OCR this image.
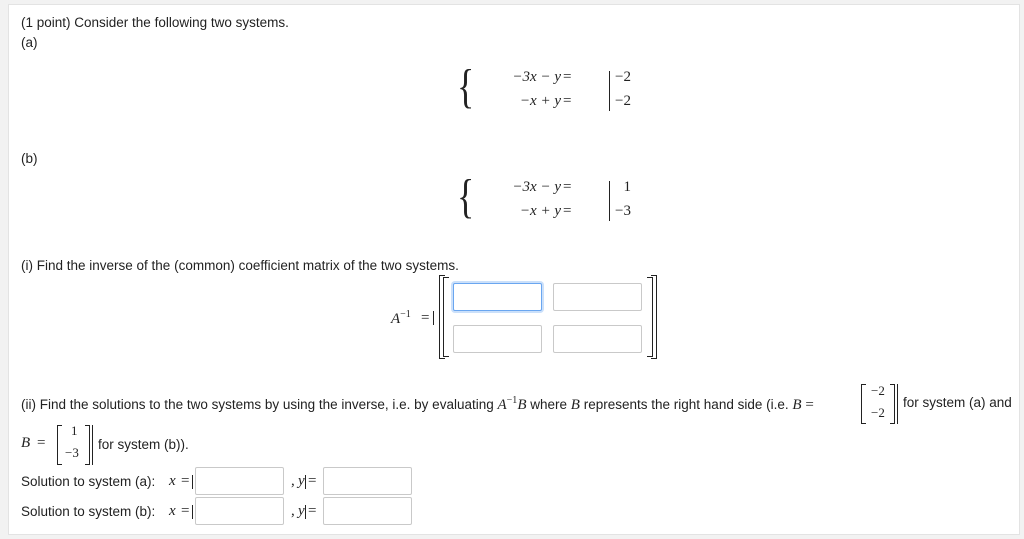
(1 point) Consider the following two systems.
(a)
{	−3x − y =	−2
−x + y =	−2
(b)
{	−3x − y =	1
−x + y =	−3
(i) Find the inverse of the (common) coefficient matrix of the two systems.
$A^{-1}$ =
(ii) Find the solutions to the two systems by using the inverse, i.e. by evaluating $A^{-1}B$ where B represents the right hand side (i.e. B =
−2
−2
for system (a) and
B =
1
−3
for system (b)).
Solution to system (a): x =	, y =
Solution to system (b): x =	, y =
